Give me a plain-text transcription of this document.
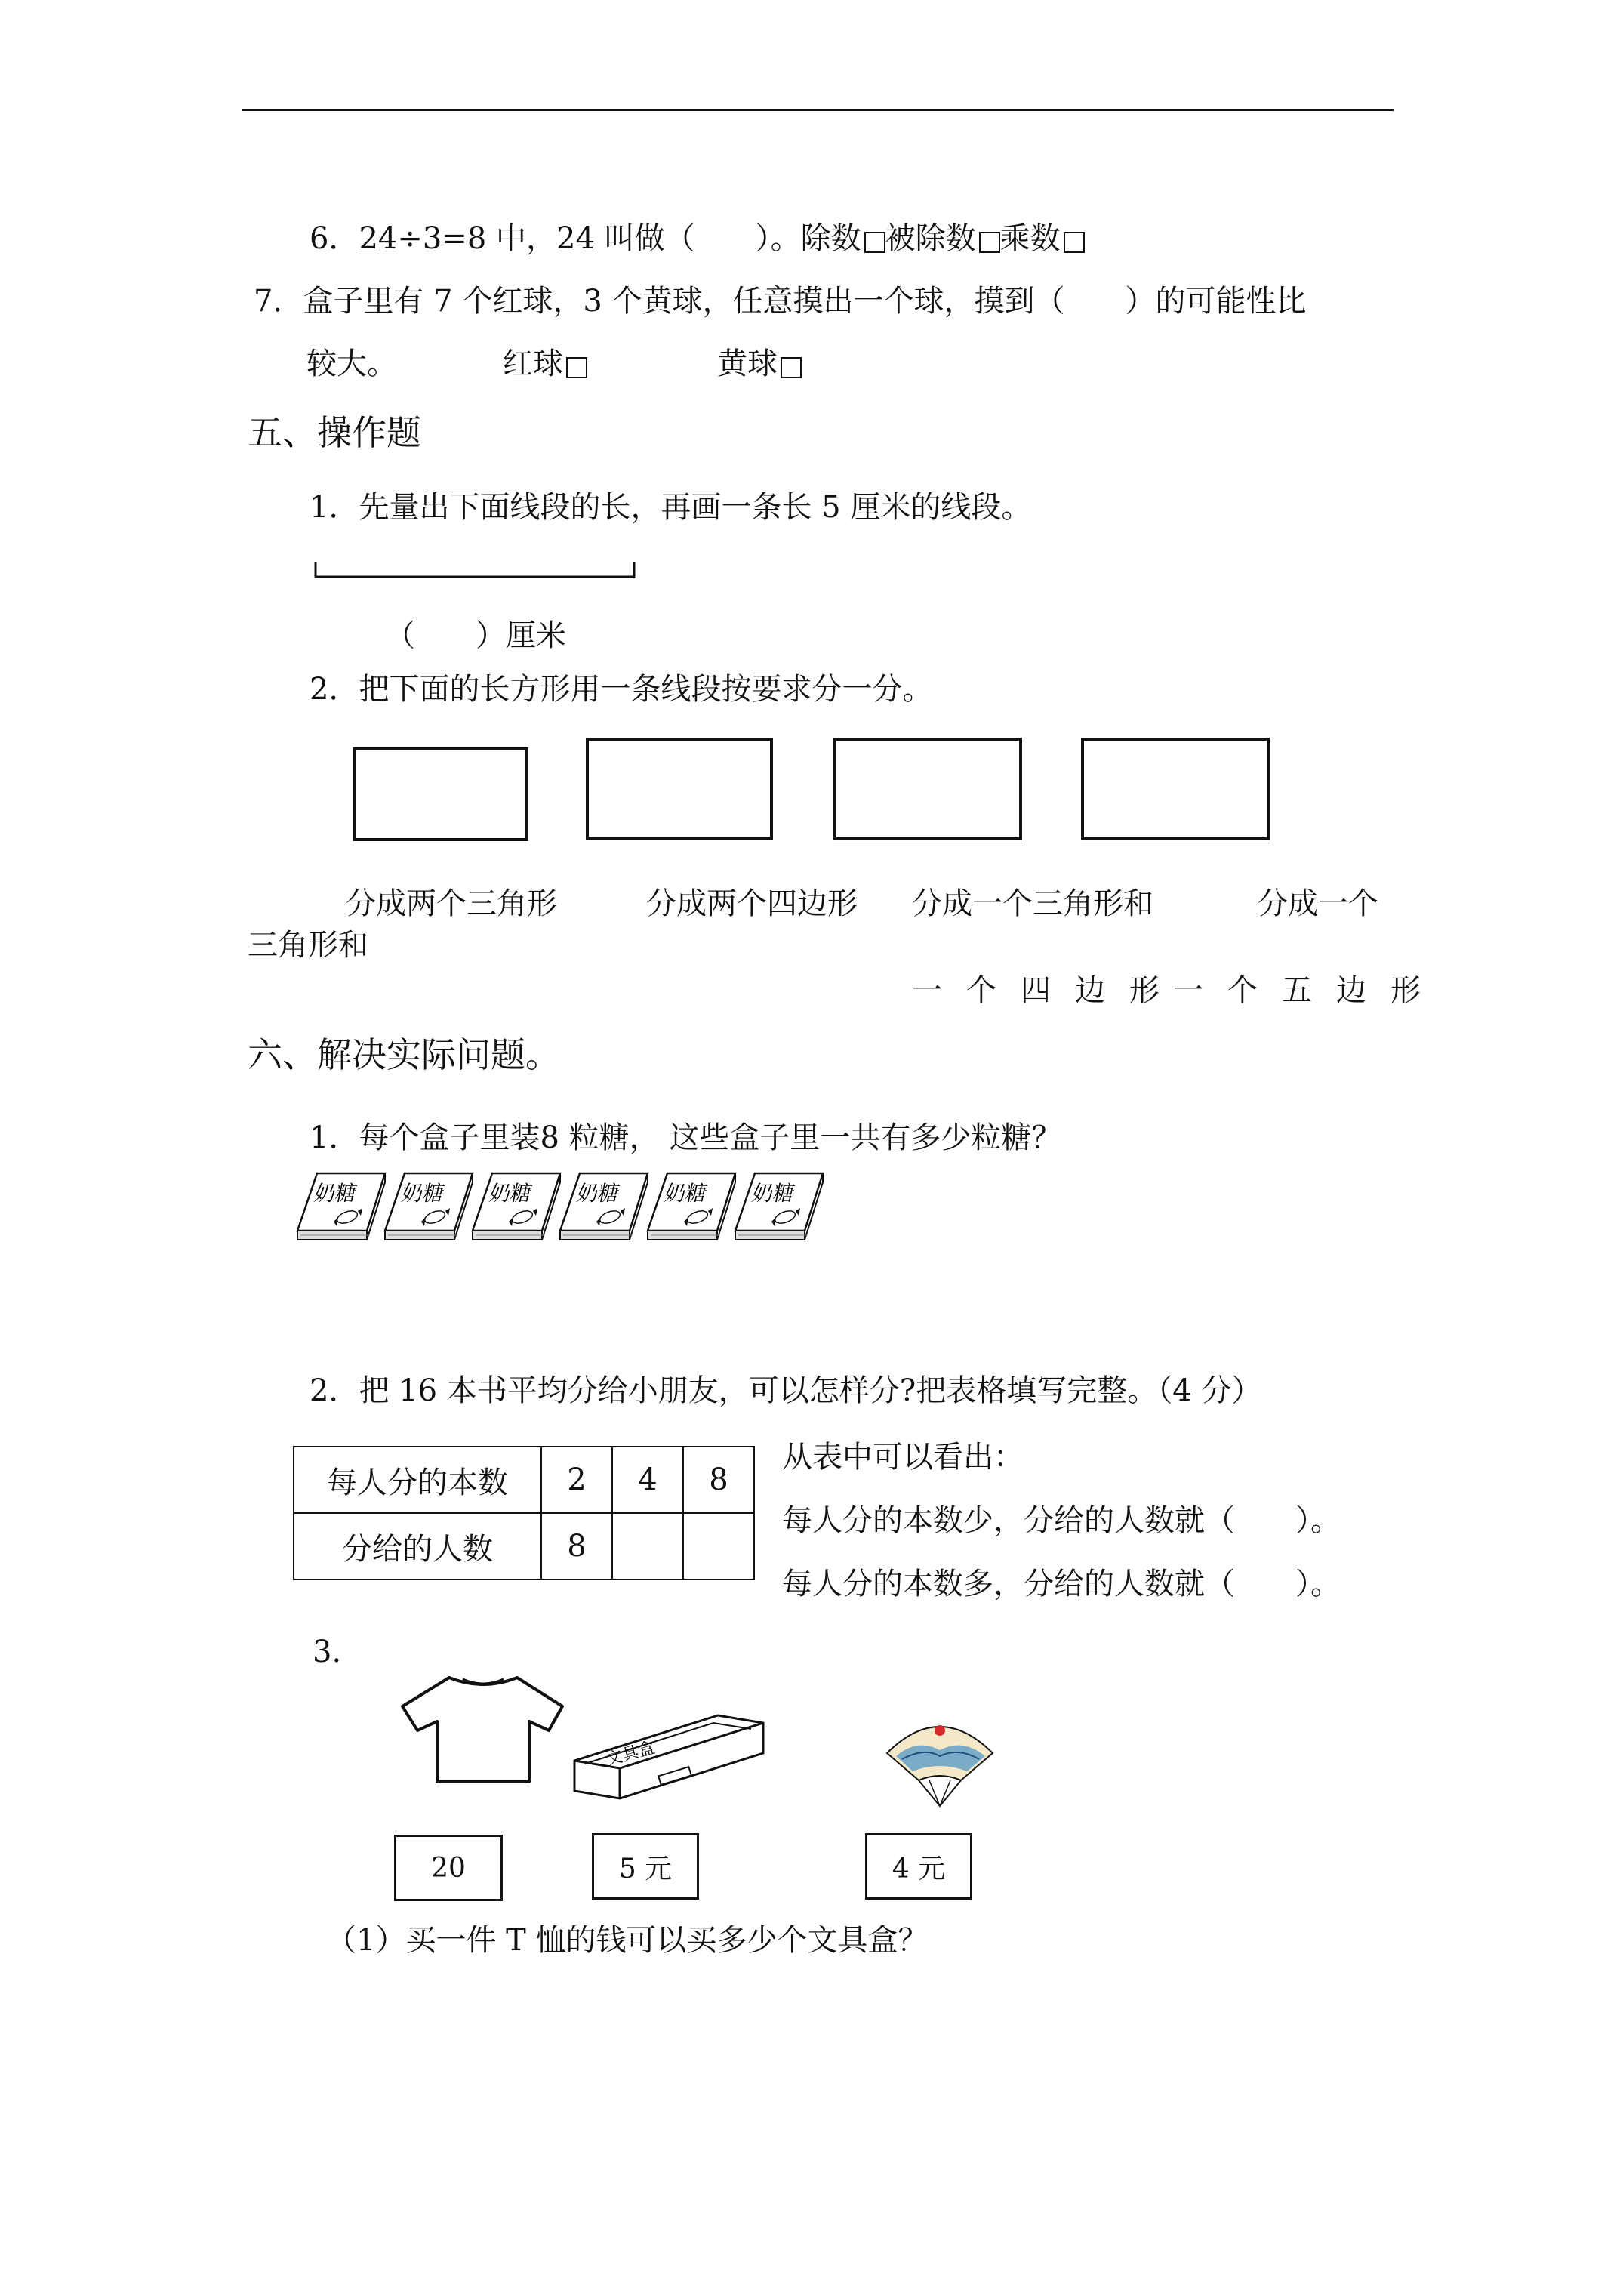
6．24÷3=8 中，24 叫做（　　）。除数 被除数 乘数
7．盒子里有 7 个红球，3 个黄球，任意摸出一个球，摸到（　　）的可能性比
较大。	红球	黄球
五、操作题
1．先量出下面线段的长，再画一条长 5 厘米的线段。
（　　）厘米
2．把下面的长方形用一条线段按要求分一分。
分成两个三角形	分成两个四边形 分成一个三角形和	分成一个
三角形和
一个四边形
一个五边形
六、解决实际问题。
1．每个盒子里装8 粒糖， 这些盒子里一共有多少粒糖？
奶糖 奶糖 奶糖 奶糖 奶糖 奶糖
2．把 16 本书平均分给小朋友，可以怎样分?把表格填写完整。（4 分）
每人分的本数	2	4	8
分给的人数	8		
从表中可以看出：
每人分的本数少，分给的人数就（　　）。
每人分的本数多，分给的人数就（　　）。
3.
文具盒
20	5 元	4 元
（1）买一件 T 恤的钱可以买多少个文具盒？
